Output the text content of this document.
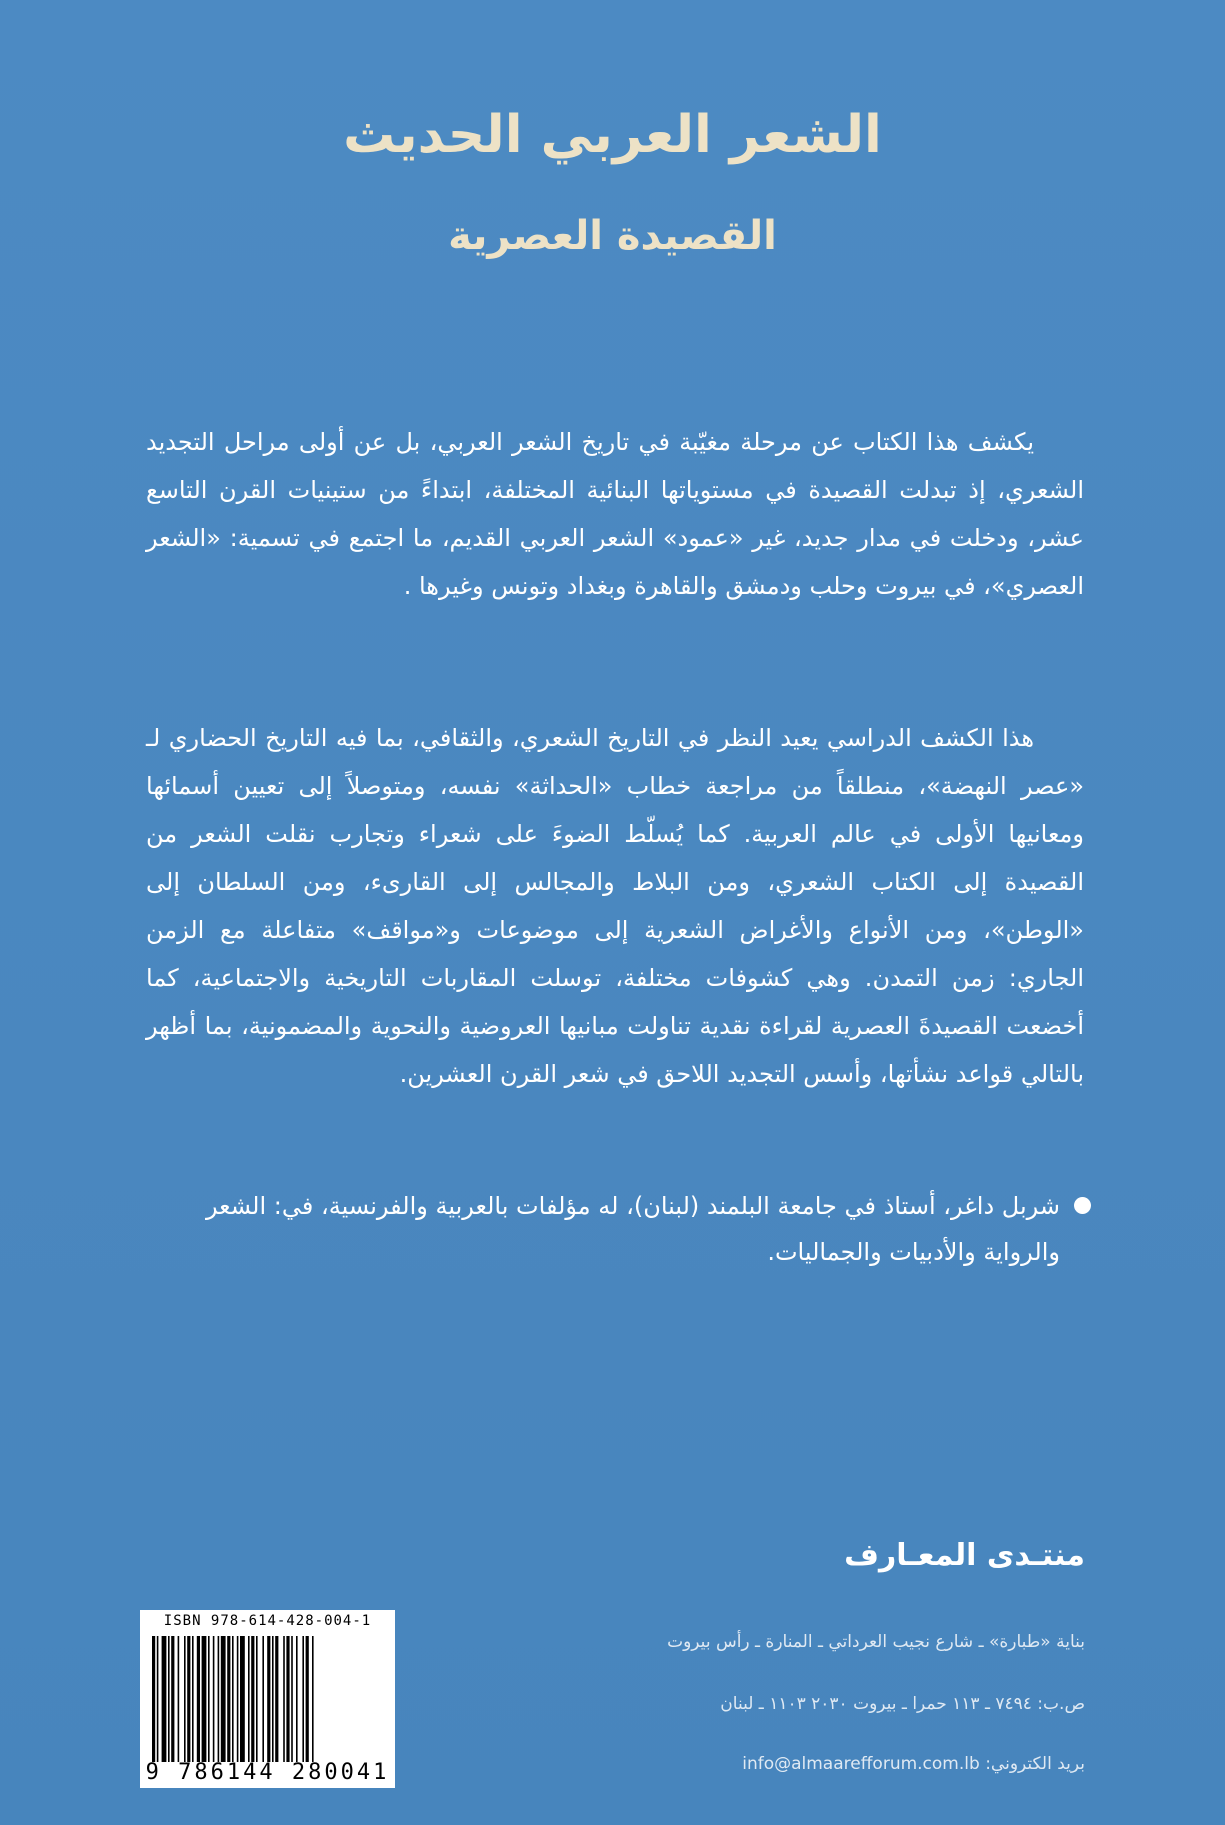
الشعر العربي الحديث
القصيدة العصرية
يكشف هذا الكتاب عن مرحلة مغيّبة في تاريخ الشعر العربي، بل عن أولى مراحل التجديد الشعري، إذ تبدلت القصيدة في مستوياتها البنائية المختلفة، ابتداءً من ستينيات القرن التاسع عشر، ودخلت في مدار جديد، غير «عمود» الشعر العربي القديم، ما اجتمع في تسمية: «الشعر العصري»، في بيروت وحلب ودمشق والقاهرة وبغداد وتونس وغيرها .
هذا الكشف الدراسي يعيد النظر في التاريخ الشعري، والثقافي، بما فيه التاريخ الحضاري لـ «عصر النهضة»، منطلقاً من مراجعة خطاب «الحداثة» نفسه، ومتوصلاً إلى تعيين أسمائها ومعانيها الأولى في عالم العربية. كما يُسلّط الضوءَ على شعراء وتجارب نقلت الشعر من القصيدة إلى الكتاب الشعري، ومن البلاط والمجالس إلى القارىء، ومن السلطان إلى «الوطن»، ومن الأنواع والأغراض الشعرية إلى موضوعات و«مواقف» متفاعلة مع الزمن الجاري: زمن التمدن. وهي كشوفات مختلفة، توسلت المقاربات التاريخية والاجتماعية، كما أخضعت القصيدةَ العصرية لقراءة نقدية تناولت مبانيها العروضية والنحوية والمضمونية، بما أظهر بالتالي قواعد نشأتها، وأسس التجديد اللاحق في شعر القرن العشرين.
شربل داغر، أستاذ في جامعة البلمند (لبنان)، له مؤلفات بالعربية والفرنسية، في: الشعر والرواية والأدبيات والجماليات.
منتـدى المعـارف
بناية «طبارة» ـ شارع نجيب العرداتي ـ المنارة ـ رأس بيروت
ص.ب: ٧٤٩٤ ـ ١١٣ حمرا ـ بيروت ٢٠٣٠ ١١٠٣ ـ لبنان
بريد الكتروني: info@almaarefforum.com.lb
ISBN 978-614-428-004-1
9 786144 280041
